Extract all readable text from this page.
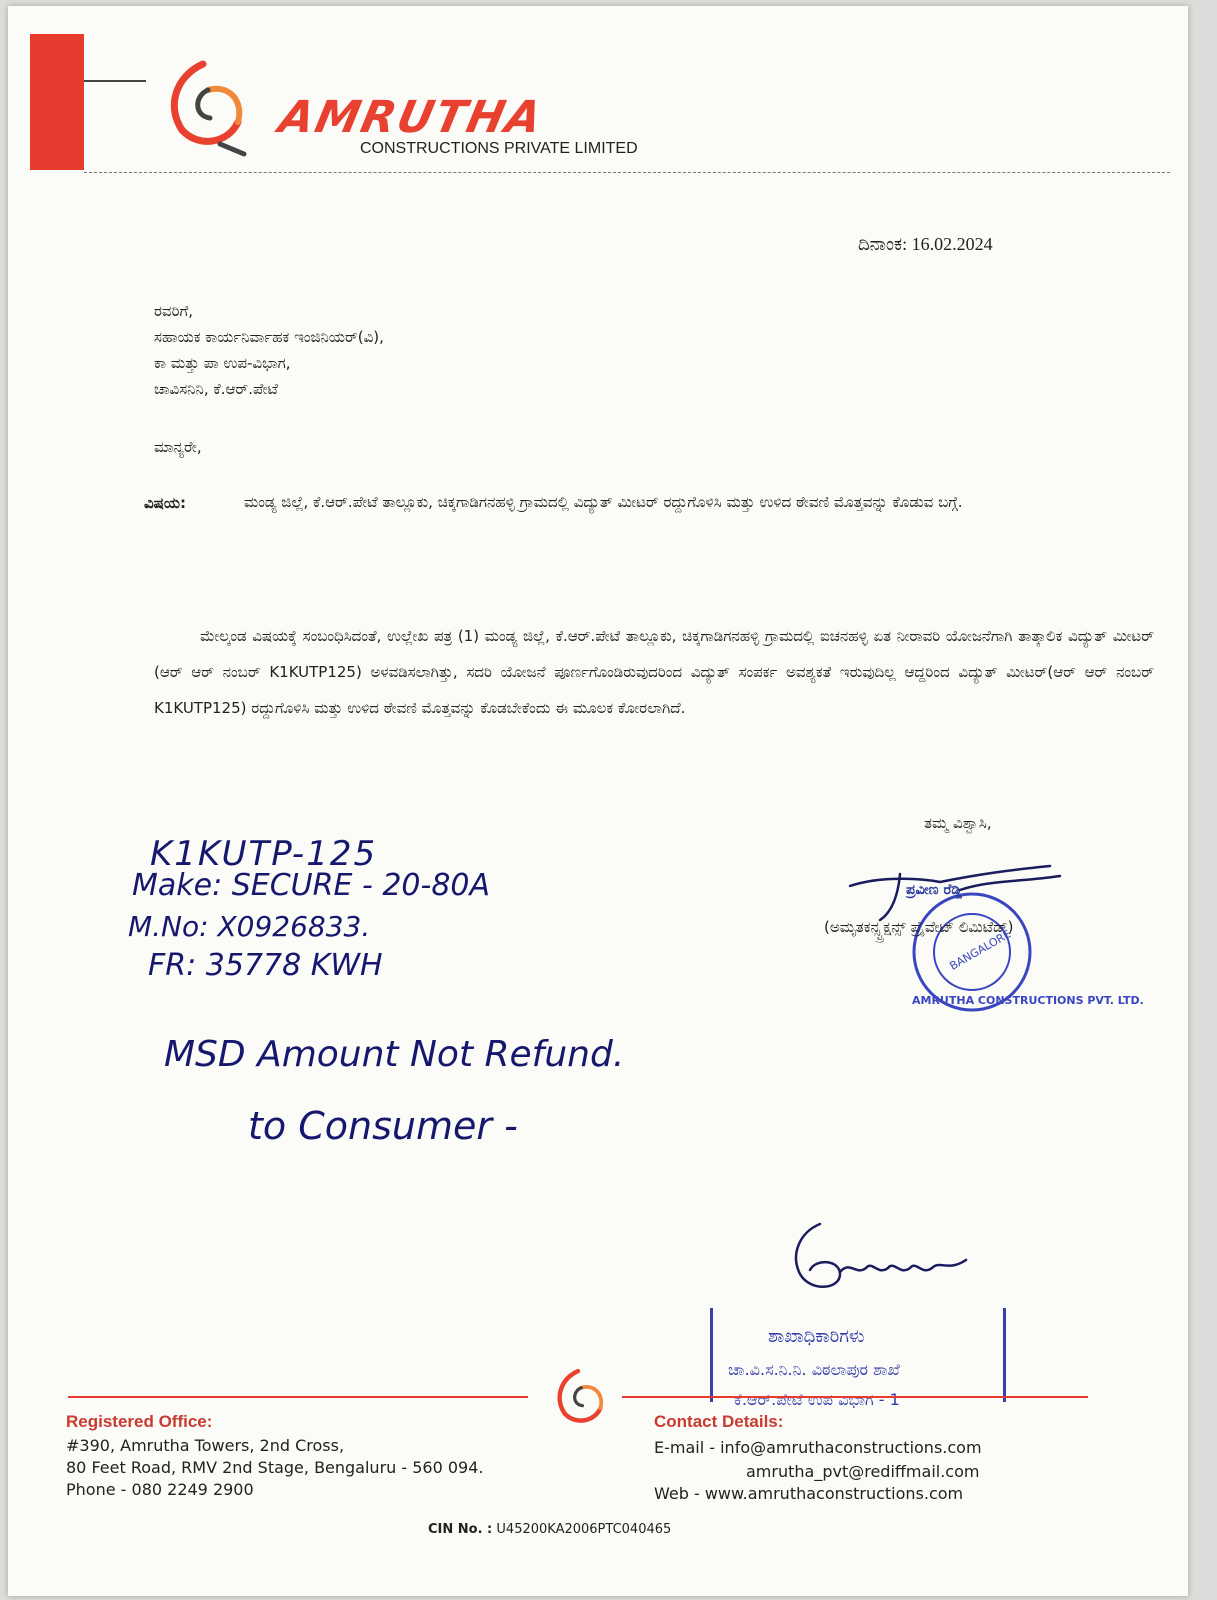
AMRUTHA
CONSTRUCTIONS PRIVATE LIMITED
ದಿನಾಂಕ: 16.02.2024
ರವರಿಗೆ,
ಸಹಾಯಕ ಕಾರ್ಯನಿರ್ವಾಹಕ ಇಂಜಿನಿಯರ್(ವಿ),
ಕಾ ಮತ್ತು ಪಾ ಉಪ-ವಿಭಾಗ,
ಚಾವಿಸನಿನಿ, ಕೆ.ಆರ್.ಪೇಟೆ
ಮಾನ್ಯರೇ,
ವಿಷಯ:	ಮಂಡ್ಯ ಜಿಲ್ಲೆ, ಕೆ.ಆರ್.ಪೇಟೆ ತಾಲ್ಲೂಕು, ಚಿಕ್ಕಗಾಡಿಗನಹಳ್ಳಿ ಗ್ರಾಮದಲ್ಲಿ ವಿದ್ಯುತ್ ಮೀಟರ್ ರದ್ದುಗೊಳಿಸಿ ಮತ್ತು ಉಳಿದ ಠೇವಣಿ ಮೊತ್ತವನ್ನು ಕೊಡುವ ಬಗ್ಗೆ.
ಮೇಲ್ಕಂಡ ವಿಷಯಕ್ಕೆ ಸಂಬಂಧಿಸಿದಂತೆ, ಉಲ್ಲೇಖ ಪತ್ರ (1) ಮಂಡ್ಯ ಜಿಲ್ಲೆ, ಕೆ.ಆರ್.ಪೇಟೆ ತಾಲ್ಲೂಕು, ಚಿಕ್ಕಗಾಡಿಗನಹಳ್ಳಿ ಗ್ರಾಮದಲ್ಲಿ ಐಚನಹಳ್ಳಿ ಏತ ನೀರಾವರಿ ಯೋಜನೆಗಾಗಿ ತಾತ್ಕಾಲಿಕ ವಿದ್ಯುತ್ ಮೀಟರ್ (ಆರ್ ಆರ್ ನಂಬರ್ K1KUTP125) ಅಳವಡಿಸಲಾಗಿತ್ತು, ಸದರಿ ಯೋಜನೆ ಪೂರ್ಣಗೊಂಡಿರುವುದರಿಂದ ವಿದ್ಯುತ್ ಸಂಪರ್ಕ ಅವಶ್ಯಕತೆ ಇರುವುದಿಲ್ಲ ಆದ್ದರಿಂದ ವಿದ್ಯುತ್ ಮೀಟರ್(ಆರ್ ಆರ್ ನಂಬರ್ K1KUTP125) ರದ್ದುಗೊಳಿಸಿ ಮತ್ತು ಉಳಿದ ಠೇವಣಿ ಮೊತ್ತವನ್ನು ಕೊಡಬೇಕೆಂದು ಈ ಮೂಲಕ ಕೋರಲಾಗಿದೆ.
ತಮ್ಮ ವಿಶ್ವಾಸಿ,
BANGALORE
AMRUTHA CONSTRUCTIONS PVT. LTD.
ಪ್ರವೀಣ ರೆಡ್ಡಿ
(ಅಮೃತಕನ್ಸ್ಟ್ರಕ್ಷನ್ಸ್ ಪ್ರೈವೇಟ್ ಲಿಮಿಟೆಡ್)
K1KUTP-125
Make: SECURE - 20-80A
M.No: X0926833.
FR: 35778 KWH
MSD Amount Not Refund.
to Consumer -
ಶಾಖಾಧಿಕಾರಿಗಳು
ಚಾ.ವಿ.ಸ.ನಿ.ನಿ. ವಿಠಲಾಪುರ ಶಾಖೆ
ಕೆ.ಆರ್.ಪೇಟೆ ಉಪ ವಿಭಾಗ - 1
Registered Office:
#390, Amrutha Towers, 2nd Cross,
80 Feet Road, RMV 2nd Stage, Bengaluru - 560 094.
Phone - 080 2249 2900
Contact Details:
E-mail - info@amruthaconstructions.com
amrutha_pvt@rediffmail.com
Web - www.amruthaconstructions.com
CIN No. : U45200KA2006PTC040465
